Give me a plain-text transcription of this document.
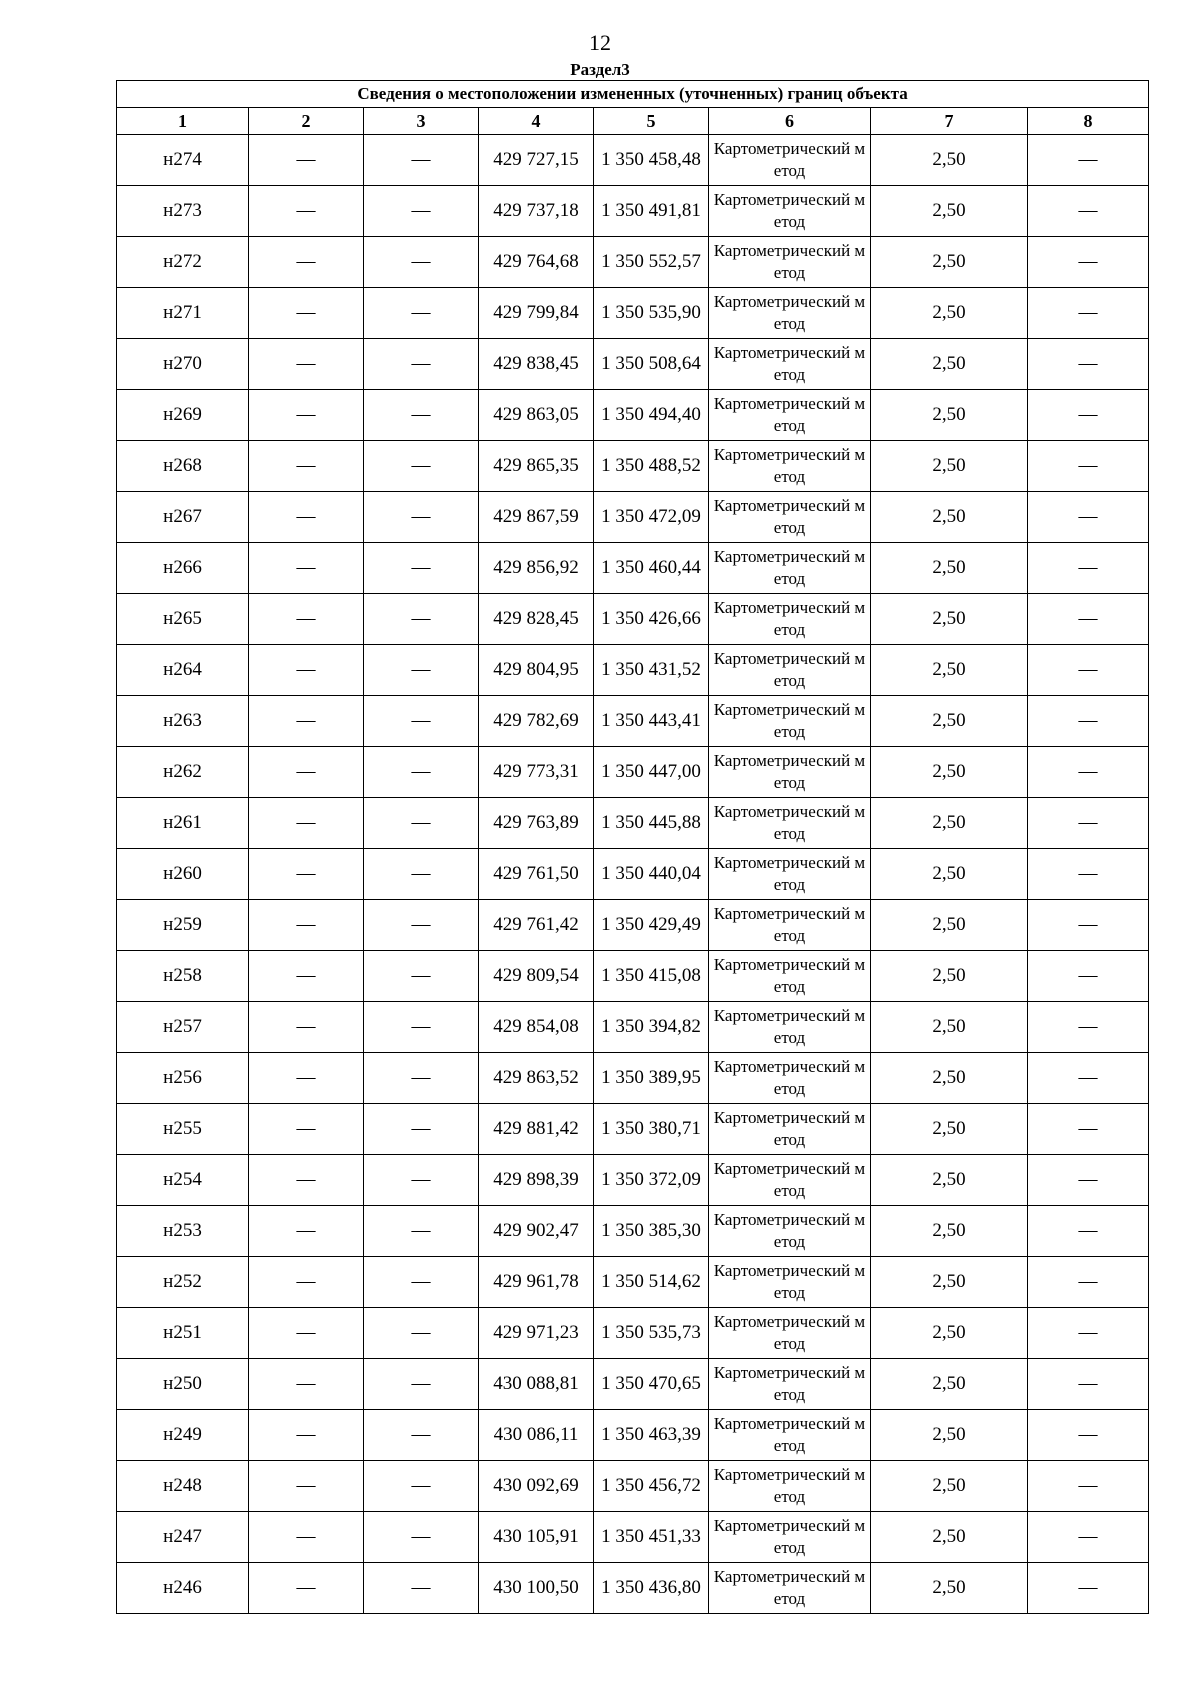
12
Раздел3
Сведения о местоположении измененных (уточненных) границ объекта							
1	2	3	4	5	6	7	8
н274	—	—	429 727,15	1 350 458,48	Картометрический метод	2,50	—
н273	—	—	429 737,18	1 350 491,81	Картометрический метод	2,50	—
н272	—	—	429 764,68	1 350 552,57	Картометрический метод	2,50	—
н271	—	—	429 799,84	1 350 535,90	Картометрический метод	2,50	—
н270	—	—	429 838,45	1 350 508,64	Картометрический метод	2,50	—
н269	—	—	429 863,05	1 350 494,40	Картометрический метод	2,50	—
н268	—	—	429 865,35	1 350 488,52	Картометрический метод	2,50	—
н267	—	—	429 867,59	1 350 472,09	Картометрический метод	2,50	—
н266	—	—	429 856,92	1 350 460,44	Картометрический метод	2,50	—
н265	—	—	429 828,45	1 350 426,66	Картометрический метод	2,50	—
н264	—	—	429 804,95	1 350 431,52	Картометрический метод	2,50	—
н263	—	—	429 782,69	1 350 443,41	Картометрический метод	2,50	—
н262	—	—	429 773,31	1 350 447,00	Картометрический метод	2,50	—
н261	—	—	429 763,89	1 350 445,88	Картометрический метод	2,50	—
н260	—	—	429 761,50	1 350 440,04	Картометрический метод	2,50	—
н259	—	—	429 761,42	1 350 429,49	Картометрический метод	2,50	—
н258	—	—	429 809,54	1 350 415,08	Картометрический метод	2,50	—
н257	—	—	429 854,08	1 350 394,82	Картометрический метод	2,50	—
н256	—	—	429 863,52	1 350 389,95	Картометрический метод	2,50	—
н255	—	—	429 881,42	1 350 380,71	Картометрический метод	2,50	—
н254	—	—	429 898,39	1 350 372,09	Картометрический метод	2,50	—
н253	—	—	429 902,47	1 350 385,30	Картометрический метод	2,50	—
н252	—	—	429 961,78	1 350 514,62	Картометрический метод	2,50	—
н251	—	—	429 971,23	1 350 535,73	Картометрический метод	2,50	—
н250	—	—	430 088,81	1 350 470,65	Картометрический метод	2,50	—
н249	—	—	430 086,11	1 350 463,39	Картометрический метод	2,50	—
н248	—	—	430 092,69	1 350 456,72	Картометрический метод	2,50	—
н247	—	—	430 105,91	1 350 451,33	Картометрический метод	2,50	—
н246	—	—	430 100,50	1 350 436,80	Картометрический метод	2,50	—
